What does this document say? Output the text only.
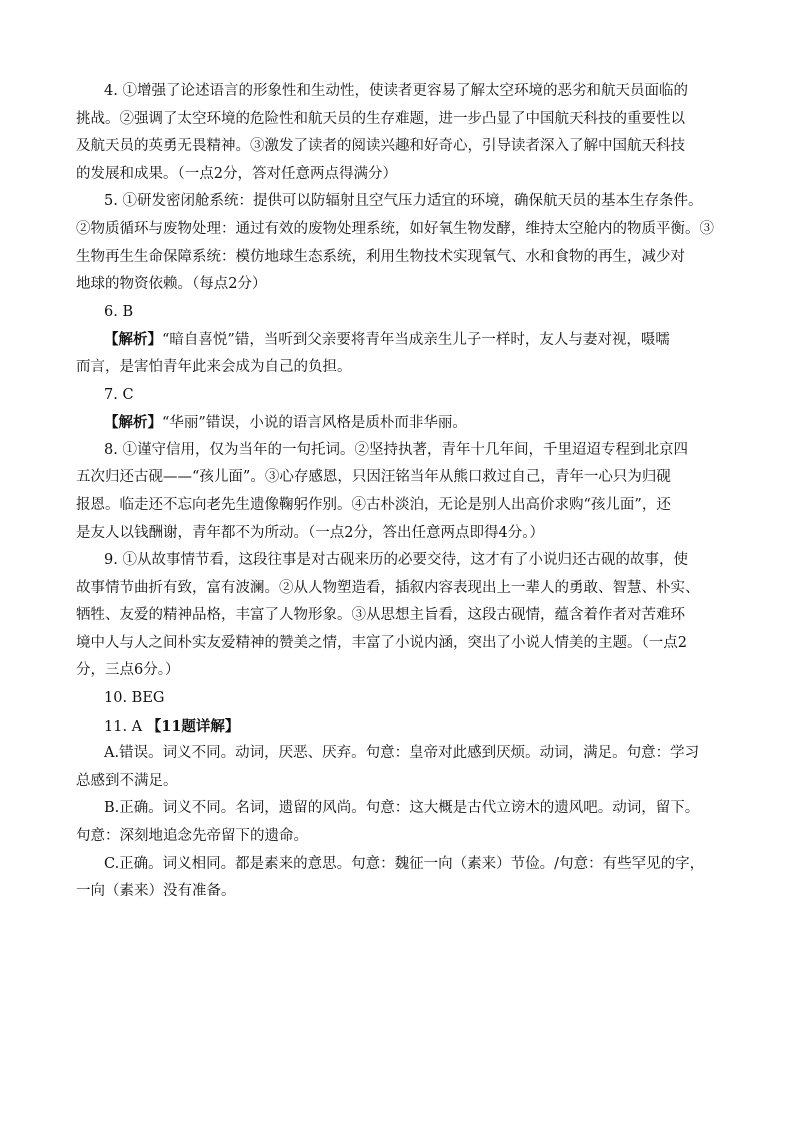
4. ①增强了论述语言的形象性和生动性，使读者更容易了解太空环境的恶劣和航天员面临的
挑战。②强调了太空环境的危险性和航天员的生存难题，进一步凸显了中国航天科技的重要性以
及航天员的英勇无畏精神。③激发了读者的阅读兴趣和好奇心，引导读者深入了解中国航天科技
的发展和成果。（一点2分，答对任意两点得满分）
5. ①研发密闭舱系统：提供可以防辐射且空气压力适宜的环境，确保航天员的基本生存条件。
②物质循环与废物处理：通过有效的废物处理系统，如好氧生物发酵，维持太空舱内的物质平衡。③
生物再生生命保障系统：模仿地球生态系统，利用生物技术实现氧气、水和食物的再生，减少对
地球的物资依赖。（每点2分）
6. B
【解析】“暗自喜悦”错，当听到父亲要将青年当成亲生儿子一样时，友人与妻对视，嗫嚅
而言，是害怕青年此来会成为自己的负担。
7. C
【解析】“华丽”错误，小说的语言风格是质朴而非华丽。
8. ①谨守信用，仅为当年的一句托词。②坚持执著，青年十几年间，千里迢迢专程到北京四
五次归还古砚——“孩儿面”。③心存感恩，只因汪铭当年从熊口救过自己，青年一心只为归砚
报恩。临走还不忘向老先生遗像鞠躬作别。④古朴淡泊，无论是别人出高价求购“孩儿面”，还
是友人以钱酬谢，青年都不为所动。（一点2分，答出任意两点即得4分。）
9. ①从故事情节看，这段往事是对古砚来历的必要交待，这才有了小说归还古砚的故事，使
故事情节曲折有致，富有波澜。②从人物塑造看，插叙内容表现出上一辈人的勇敢、智慧、朴实、
牺牲、友爱的精神品格，丰富了人物形象。③从思想主旨看，这段古砚情，蕴含着作者对苦难环
境中人与人之间朴实友爱精神的赞美之情，丰富了小说内涵，突出了小说人情美的主题。（一点2
分，三点6分。）
10. BEG
11. A 【11题详解】
A.错误。词义不同。动词，厌恶、厌弃。句意：皇帝对此感到厌烦。动词，满足。句意：学习
总感到不满足。
B.正确。词义不同。名词，遗留的风尚。句意：这大概是古代立谤木的遗风吧。动词，留下。
句意：深刻地追念先帝留下的遗命。
C.正确。词义相同。都是素来的意思。句意：魏征一向（素来）节俭。/句意：有些罕见的字，
一向（素来）没有准备。
